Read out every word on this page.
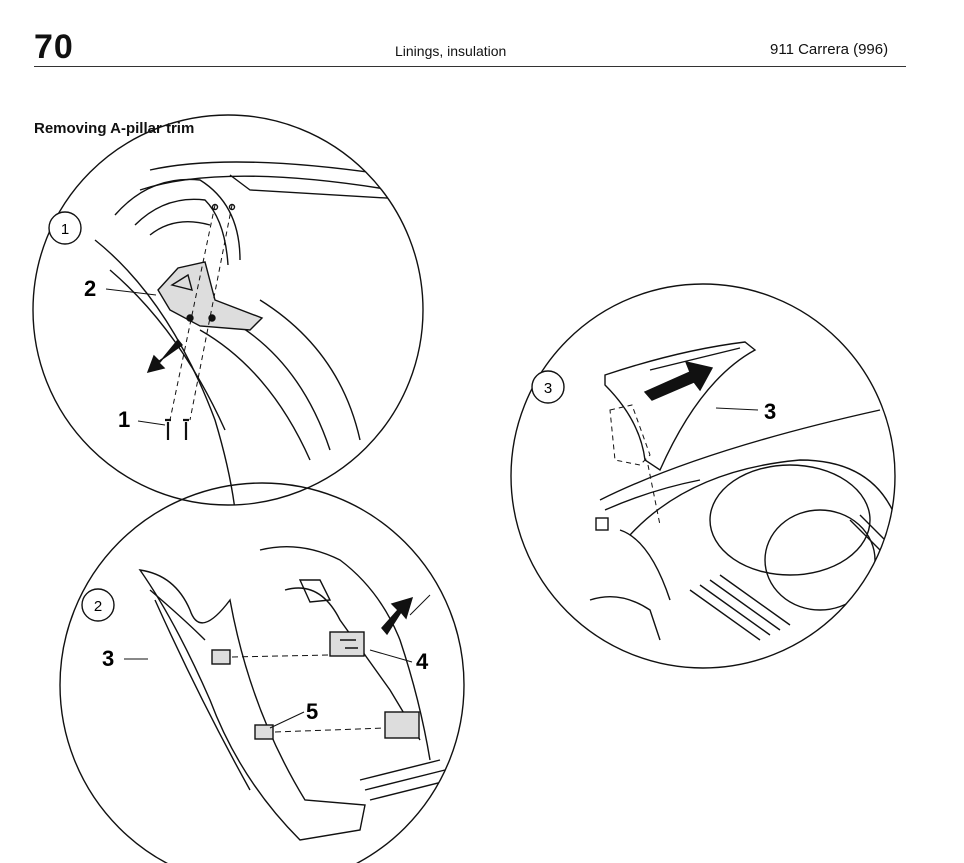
70	Linings, insulation	911 Carrera (996)
Removing A-pillar trim
1
2
1
2
3	4
5
3
3
